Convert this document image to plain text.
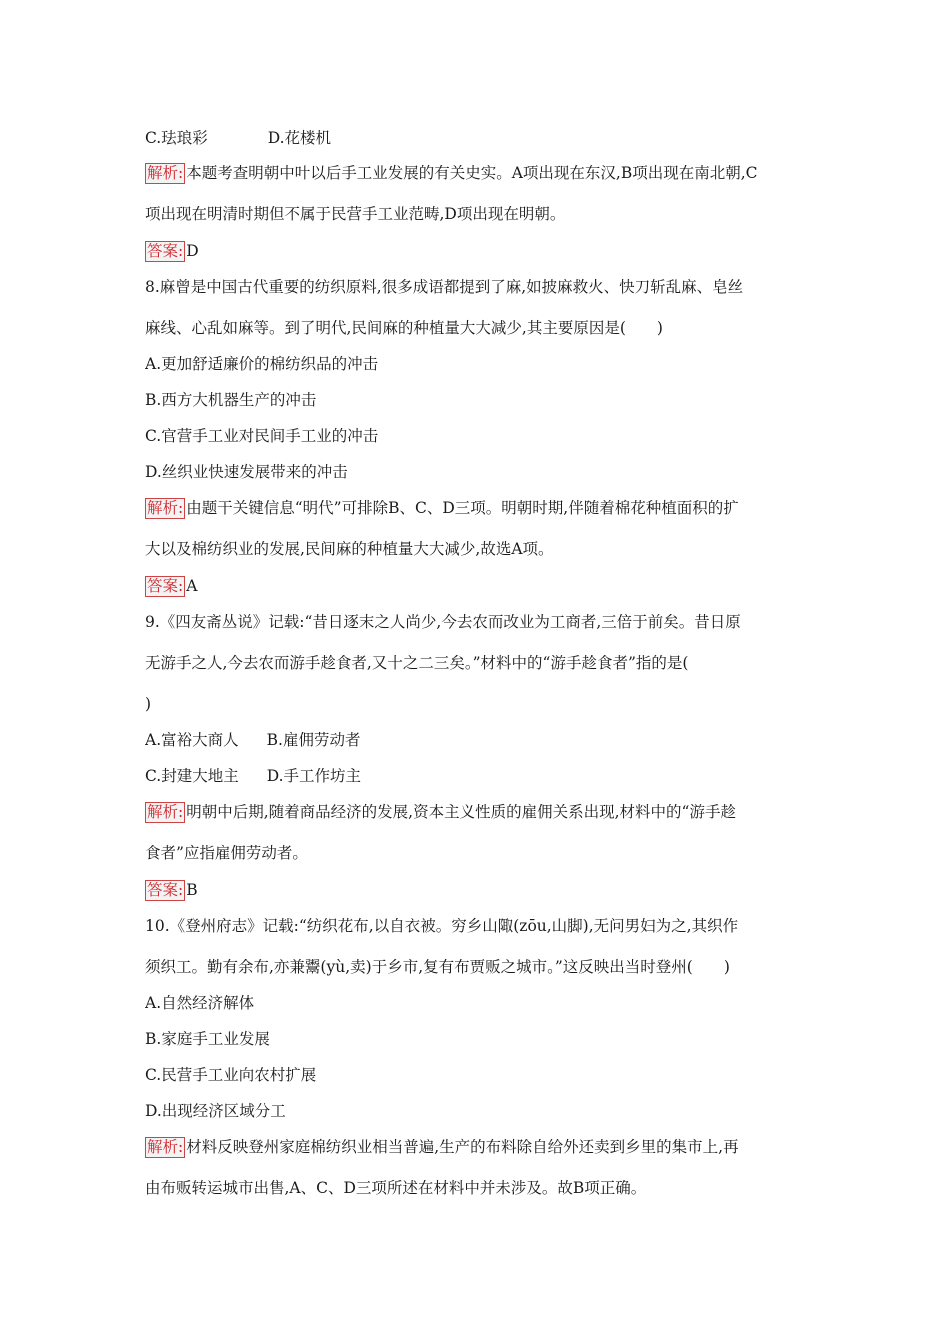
C.珐琅彩	D.花楼机
解析: 本题考查明朝中叶以后手工业发展的有关史实。A项出现在东汉,B项出现在南北朝,C
项出现在明清时期但不属于民营手工业范畴,D项出现在明朝。
答案: D
8.麻曾是中国古代重要的纺织原料,很多成语都提到了麻,如披麻救火、快刀斩乱麻、皂丝
麻线、心乱如麻等。到了明代,民间麻的种植量大大减少,其主要原因是(　　)
A.更加舒适廉价的棉纺织品的冲击
B.西方大机器生产的冲击
C.官营手工业对民间手工业的冲击
D.丝织业快速发展带来的冲击
解析: 由题干关键信息“明代”可排除B、C、D三项。明朝时期,伴随着棉花种植面积的扩
大以及棉纺织业的发展,民间麻的种植量大大减少,故选A项。
答案: A
9.《四友斋丛说》记载:“昔日逐末之人尚少,今去农而改业为工商者,三倍于前矣。昔日原
无游手之人,今去农而游手趁食者,又十之二三矣。”材料中的“游手趁食者”指的是(
)
A.富裕大商人 B.雇佣劳动者
C.封建大地主 D.手工作坊主
解析: 明朝中后期,随着商品经济的发展,资本主义性质的雇佣关系出现,材料中的“游手趁
食者”应指雇佣劳动者。
答案: B
10.《登州府志》记载:“纺织花布,以自衣被。穷乡山陬(zōu,山脚),无问男妇为之,其织作
须织工。勤有余布,亦兼鬻(yù,卖)于乡市,复有布贾贩之城市。”这反映出当时登州(　　)
A.自然经济解体
B.家庭手工业发展
C.民营手工业向农村扩展
D.出现经济区域分工
解析: 材料反映登州家庭棉纺织业相当普遍,生产的布料除自给外还卖到乡里的集市上,再
由布贩转运城市出售,A、C、D三项所述在材料中并未涉及。故B项正确。
